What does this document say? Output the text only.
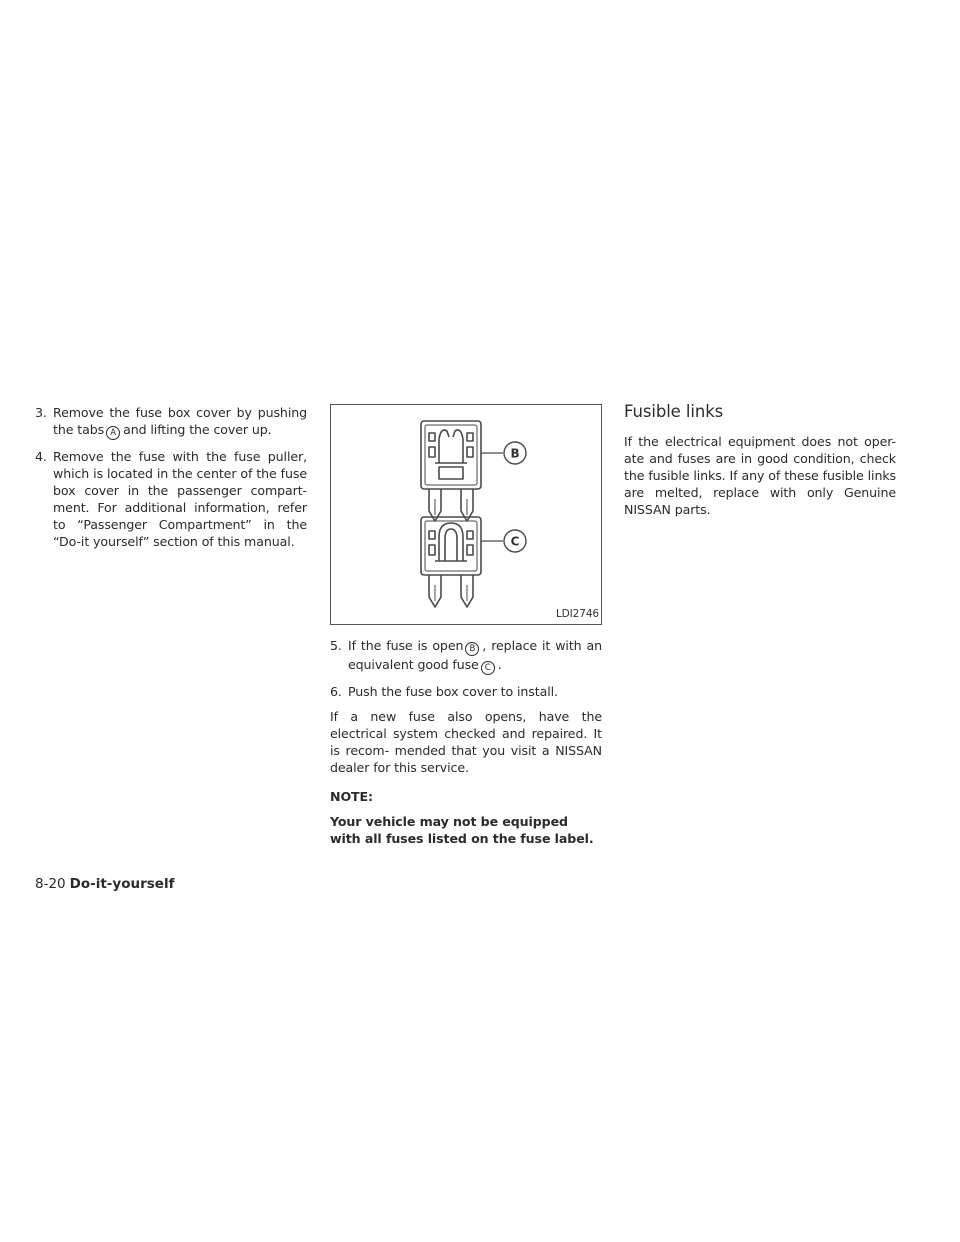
3. Remove the fuse box cover by pushing the tabs A and lifting the cover up.
4. Remove the fuse with the fuse puller, which is located in the center of the fuse box cover in the passenger compart- ment. For additional information, refer to “Passenger Compartment” in the “Do-it yourself” section of this manual.
B
C
LDI2746
5. If the fuse is open B , replace it with an equivalent good fuse C .
6. Push the fuse box cover to install.

If a new fuse also opens, have the electrical system checked and repaired. It is recom- mended that you visit a NISSAN dealer for this service.

NOTE:

Your vehicle may not be equipped with all fuses listed on the fuse label.

Fusible links

If the electrical equipment does not oper- ate and fuses are in good condition, check the fusible links. If any of these fusible links are melted, replace with only Genuine NISSAN parts.

8-20 Do-it-yourself
